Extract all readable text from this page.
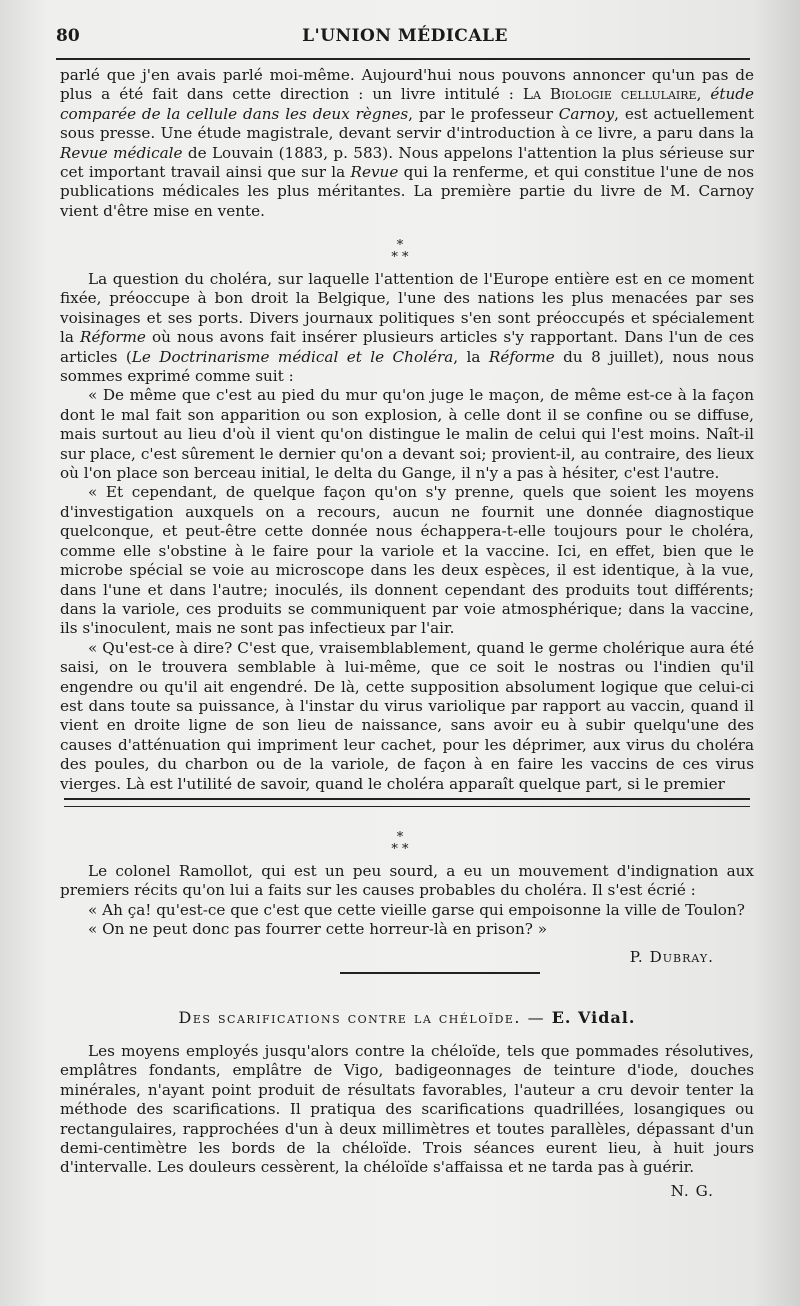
80	L'UNION MÉDICALE

parlé que j'en avais parlé moi-même. Aujourd'hui nous pouvons annoncer qu'un pas de plus a été fait dans cette direction : un livre intitulé : La Biologie cellulaire, étude comparée de la cellule dans les deux règnes, par le professeur Carnoy, est actuellement sous presse. Une étude magistrale, devant servir d'introduction à ce livre, a paru dans la Revue médicale de Louvain (1883, p. 583). Nous appelons l'attention la plus sérieuse sur cet important travail ainsi que sur la Revue qui la renferme, et qui constitue l'une de nos publications médicales les plus méritantes. La première partie du livre de M. Carnoy vient d'être mise en vente.

*
* *

La question du choléra, sur laquelle l'attention de l'Europe entière est en ce moment fixée, préoccupe à bon droit la Belgique, l'une des nations les plus menacées par ses voisinages et ses ports. Divers journaux politiques s'en sont préoccupés et spécialement la Réforme où nous avons fait insérer plusieurs articles s'y rapportant. Dans l'un de ces articles (Le Doctrinarisme médical et le Choléra, la Réforme du 8 juillet), nous nous sommes exprimé comme suit :

« De même que c'est au pied du mur qu'on juge le maçon, de même est-ce à la façon dont le mal fait son apparition ou son explosion, à celle dont il se confine ou se diffuse, mais surtout au lieu d'où il vient qu'on distingue le malin de celui qui l'est moins. Naît-il sur place, c'est sûrement le dernier qu'on a devant soi; provient-il, au contraire, des lieux où l'on place son berceau initial, le delta du Gange, il n'y a pas à hésiter, c'est l'autre.

« Et cependant, de quelque façon qu'on s'y prenne, quels que soient les moyens d'investigation auxquels on a recours, aucun ne fournit une donnée diagnostique quelconque, et peut-être cette donnée nous échappera-t-elle toujours pour le choléra, comme elle s'obstine à le faire pour la variole et la vaccine. Ici, en effet, bien que le microbe spécial se voie au microscope dans les deux espèces, il est identique, à la vue, dans l'une et dans l'autre; inoculés, ils donnent cependant des produits tout différents; dans la variole, ces produits se communiquent par voie atmosphérique; dans la vaccine, ils s'inoculent, mais ne sont pas infectieux par l'air.

« Qu'est-ce à dire? C'est que, vraisemblablement, quand le germe cholérique aura été saisi, on le trouvera semblable à lui-même, que ce soit le nostras ou l'indien qu'il engendre ou qu'il ait engendré. De là, cette supposition absolument logique que celui-ci est dans toute sa puissance, à l'instar du virus variolique par rapport au vaccin, quand il vient en droite ligne de son lieu de naissance, sans avoir eu à subir quelqu'une des causes d'atténuation qui impriment leur cachet, pour les déprimer, aux virus du choléra des poules, du charbon ou de la variole, de façon à en faire les vaccins de ces virus vierges. Là est l'utilité de savoir, quand le choléra apparaît quelque part, si le premier

*
* *

Le colonel Ramollot, qui est un peu sourd, a eu un mouvement d'indignation aux premiers récits qu'on lui a faits sur les causes probables du choléra. Il s'est écrié :

« Ah ça! qu'est-ce que c'est que cette vieille garse qui empoisonne la ville de Toulon?

« On ne peut donc pas fourrer cette horreur-là en prison? »

P. Dubray.

Des scarifications contre la chéloïde. — E. Vidal.

Les moyens employés jusqu'alors contre la chéloïde, tels que pommades résolutives, emplâtres fondants, emplâtre de Vigo, badigeonnages de teinture d'iode, douches minérales, n'ayant point produit de résultats favorables, l'auteur a cru devoir tenter la méthode des scarifications. Il pratiqua des scarifications quadrillées, losangiques ou rectangulaires, rapprochées d'un à deux millimètres et toutes parallèles, dépassant d'un demi-centimètre les bords de la chéloïde. Trois séances eurent lieu, à huit jours d'intervalle. Les douleurs cessèrent, la chéloïde s'affaissa et ne tarda pas à guérir.

N. G.
